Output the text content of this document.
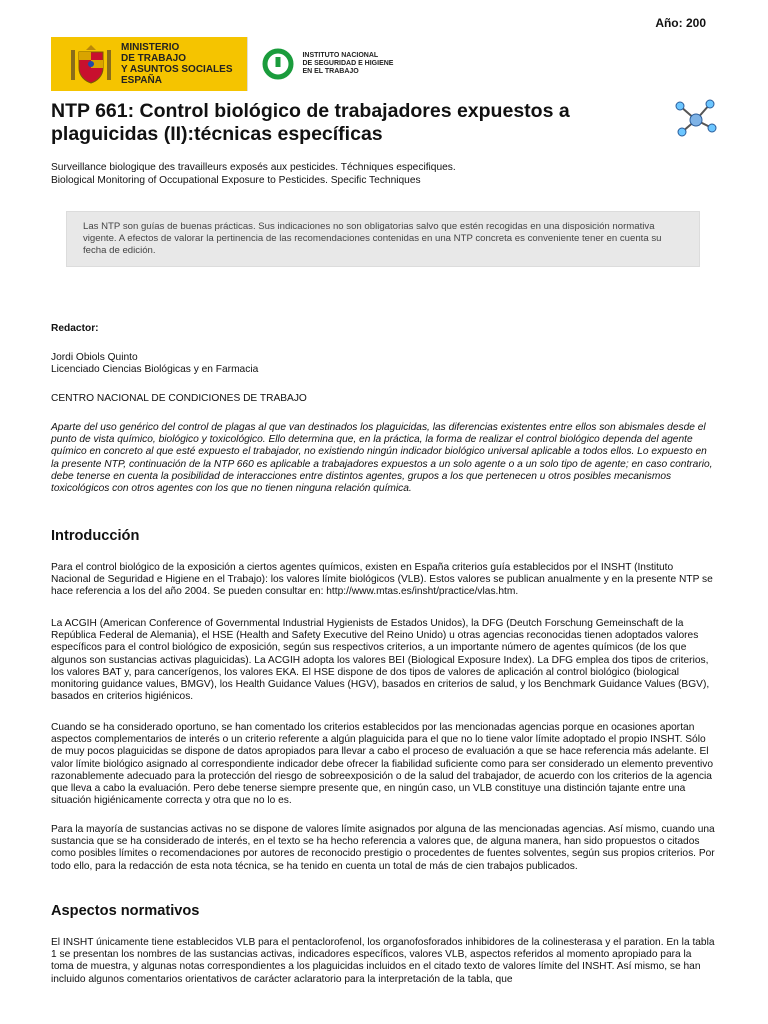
Año: 200
MINISTERIO
DE TRABAJO
Y ASUNTOS SOCIALES
ESPAÑA
INSTITUTO NACIONAL
DE SEGURIDAD E HIGIENE
EN EL TRABAJO
NTP 661: Control biológico de trabajadores expuestos a plaguicidas (II):técnicas específicas
Surveillance biologique des travailleurs exposés aux pesticides. Téchniques especifiques.
Biological Monitoring of Occupational Exposure to Pesticides. Specific Techniques
Las NTP son guías de buenas prácticas. Sus indicaciones no son obligatorias salvo que estén recogidas en una disposición normativa vigente. A efectos de valorar la pertinencia de las recomendaciones contenidas en una NTP concreta es conveniente tener en cuenta su fecha de edición.

Redactor:

Jordi Obiols Quinto

Licenciado Ciencias Biológicas y en Farmacia

CENTRO NACIONAL DE CONDICIONES DE TRABAJO

Aparte del uso genérico del control de plagas al que van destinados los plaguicidas, las diferencias existentes entre ellos son abismales desde el punto de vista químico, biológico y toxicológico. Ello determina que, en la práctica, la forma de realizar el control biológico dependa del agente químico en concreto al que esté expuesto el trabajador, no existiendo ningún indicador biológico universal aplicable a todos ellos. Lo expuesto en la presente NTP, continuación de la NTP 660 es aplicable a trabajadores expuestos a un solo agente o a un solo tipo de agente; en caso contrario, debe tenerse en cuenta la posibilidad de interacciones entre distintos agentes, grupos a los que pertenecen u otros posibles mecanismos toxicológicos con otros agentes con los que no tienen ninguna relación química.

Introducción

Para el control biológico de la exposición a ciertos agentes químicos, existen en España criterios guía establecidos por el INSHT (Instituto Nacional de Seguridad e Higiene en el Trabajo): los valores límite biológicos (VLB). Estos valores se publican anualmente y en la presente NTP se hace referencia a los del año 2004. Se pueden consultar en: http://www.mtas.es/insht/practice/vlas.htm.

La ACGIH (American Conference of Governmental Industrial Hygienists de Estados Unidos), la DFG (Deutch Forschung Gemeinschaft de la República Federal de Alemania), el HSE (Health and Safety Executive del Reino Unido) u otras agencias reconocidas tienen adoptados valores específicos para el control biológico de exposición, según sus respectivos criterios, a un importante número de agentes químicos (de los que algunos son sustancias activas plaguicidas). La ACGIH adopta los valores BEI (Biological Exposure Index). La DFG emplea dos tipos de criterios, los valores BAT y, para cancerígenos, los valores EKA. El HSE dispone de dos tipos de valores de aplicación al control biológico (biological monitoring guidance values, BMGV), los Health Guidance Values (HGV), basados en criterios de salud, y los Benchmark Guidance Values (BGV), basados en criterios higiénicos.

Cuando se ha considerado oportuno, se han comentado los criterios establecidos por las mencionadas agencias porque en ocasiones aportan aspectos complementarios de interés o un criterio referente a algún plaguicida para el que no lo tiene valor límite adoptado el propio INSHT. Sólo de muy pocos plaguicidas se dispone de datos apropiados para llevar a cabo el proceso de evaluación a que se hace referencia más adelante. El valor límite biológico asignado al correspondiente indicador debe ofrecer la fiabilidad suficiente como para ser considerado un elemento preventivo razonablemente adecuado para la protección del riesgo de sobreexposición o de la salud del trabajador, de acuerdo con los criterios de la agencia que lleva a cabo la evaluación. Pero debe tenerse siempre presente que, en ningún caso, un VLB constituye una distinción tajante entre una situación higiénicamente correcta y otra que no lo es.

Para la mayoría de sustancias activas no se dispone de valores límite asignados por alguna de las mencionadas agencias. Así mismo, cuando una sustancia que se ha considerado de interés, en el texto se ha hecho referencia a valores que, de alguna manera, han sido propuestos o citados como posibles límites o recomendaciones por autores de reconocido prestigio o procedentes de fuentes solventes, según sus propios criterios. Por todo ello, para la redacción de esta nota técnica, se ha tenido en cuenta un total de más de cien trabajos publicados.

Aspectos normativos

El INSHT únicamente tiene establecidos VLB para el pentaclorofenol, los organofosforados inhibidores de la colinesterasa y el paration. En la tabla 1 se presentan los nombres de las sustancias activas, indicadores específicos, valores VLB, aspectos referidos al momento apropiado para la toma de muestra, y algunas notas correspondientes a los plaguicidas incluidos en el citado texto de valores límite del INSHT. Así mismo, se han incluido algunos comentarios orientativos de carácter aclaratorio para la interpretación de la tabla, que
